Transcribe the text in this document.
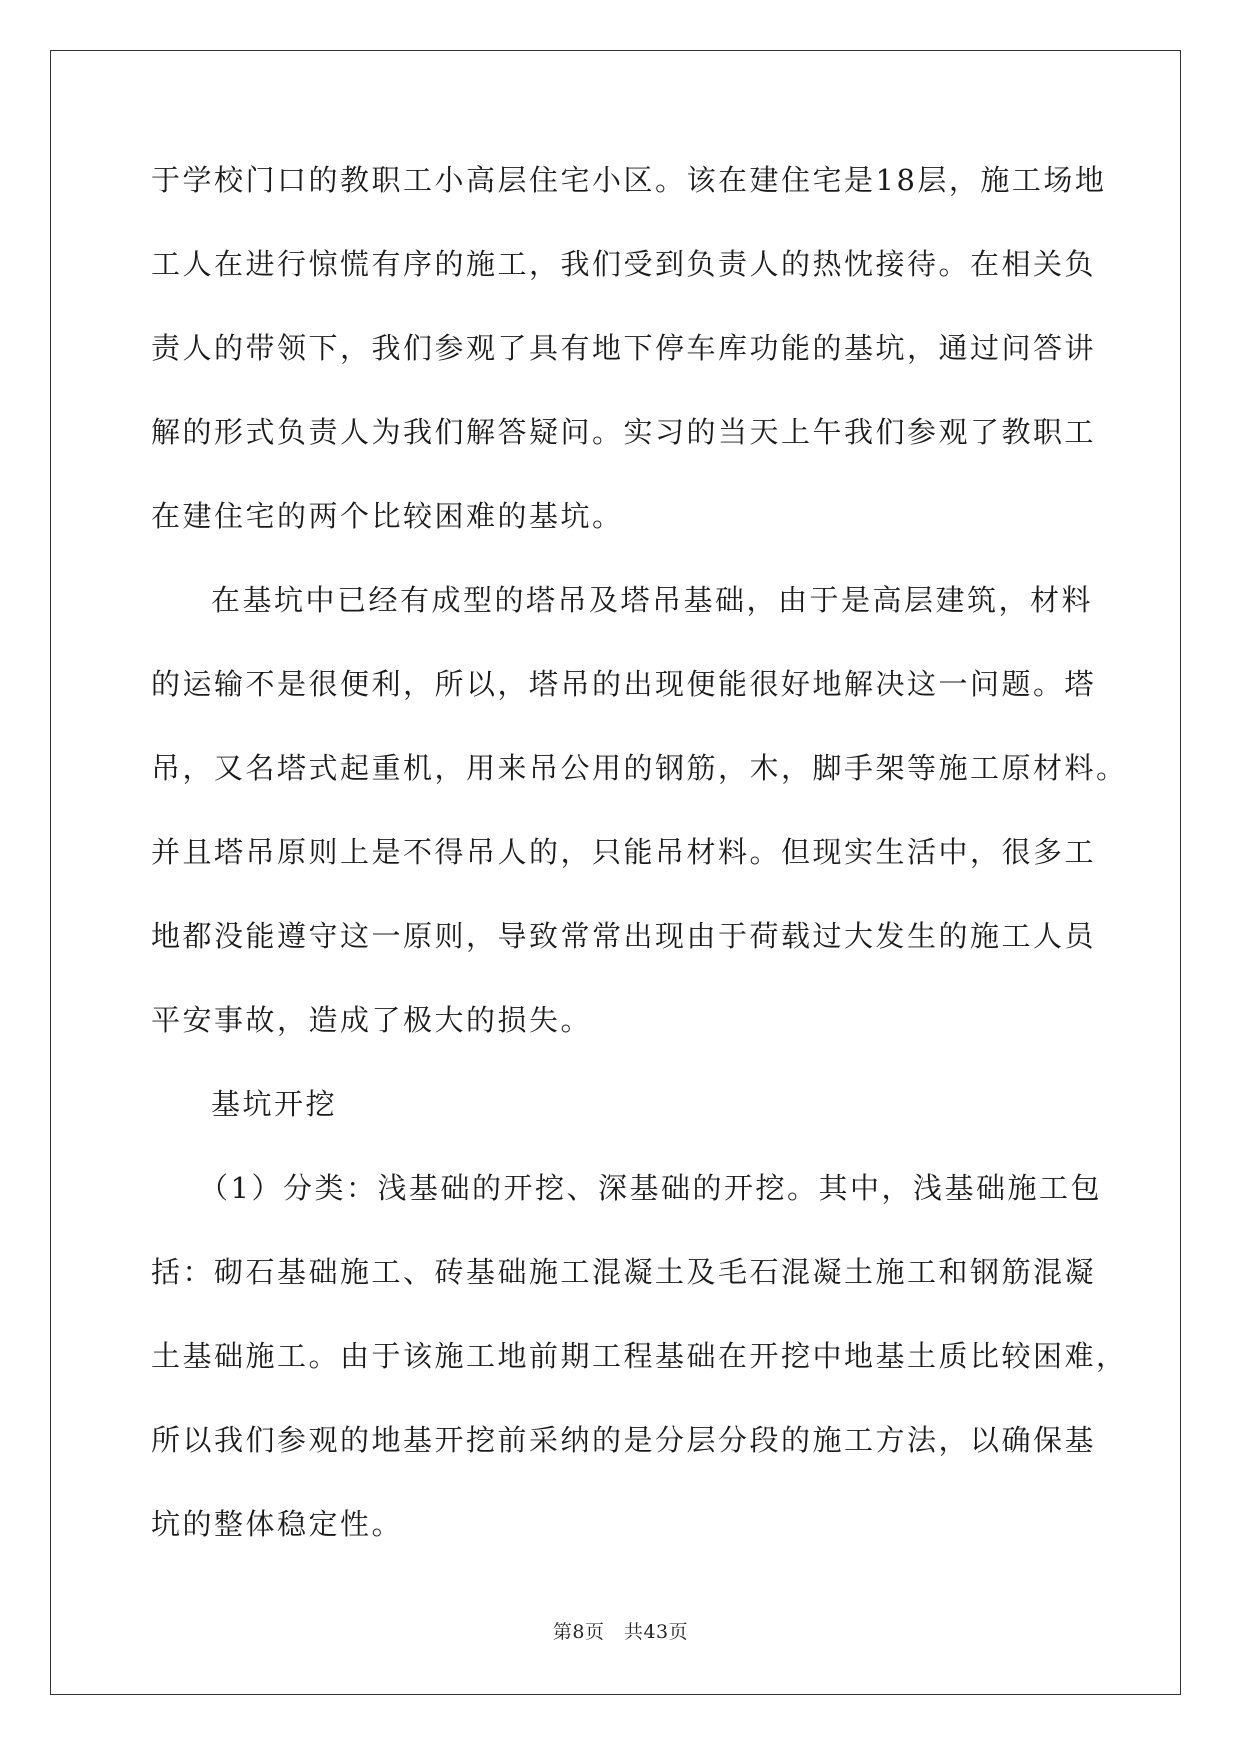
于学校门口的教职工小高层住宅小区。该在建住宅是18层，施工场地
工人在进行惊慌有序的施工，我们受到负责人的热忱接待。在相关负
责人的带领下，我们参观了具有地下停车库功能的基坑，通过问答讲
解的形式负责人为我们解答疑问。实习的当天上午我们参观了教职工
在建住宅的两个比较困难的基坑。
在基坑中已经有成型的塔吊及塔吊基础，由于是高层建筑，材料
的运输不是很便利，所以，塔吊的出现便能很好地解决这一问题。塔
吊，又名塔式起重机，用来吊公用的钢筋，木，脚手架等施工原材料。
并且塔吊原则上是不得吊人的，只能吊材料。但现实生活中，很多工
地都没能遵守这一原则，导致常常出现由于荷载过大发生的施工人员
平安事故，造成了极大的损失。
基坑开挖
（1）分类：浅基础的开挖、深基础的开挖。其中，浅基础施工包
括：砌石基础施工、砖基础施工混凝土及毛石混凝土施工和钢筋混凝
土基础施工。由于该施工地前期工程基础在开挖中地基土质比较困难，
所以我们参观的地基开挖前采纳的是分层分段的施工方法，以确保基
坑的整体稳定性。
第8页　共43页
